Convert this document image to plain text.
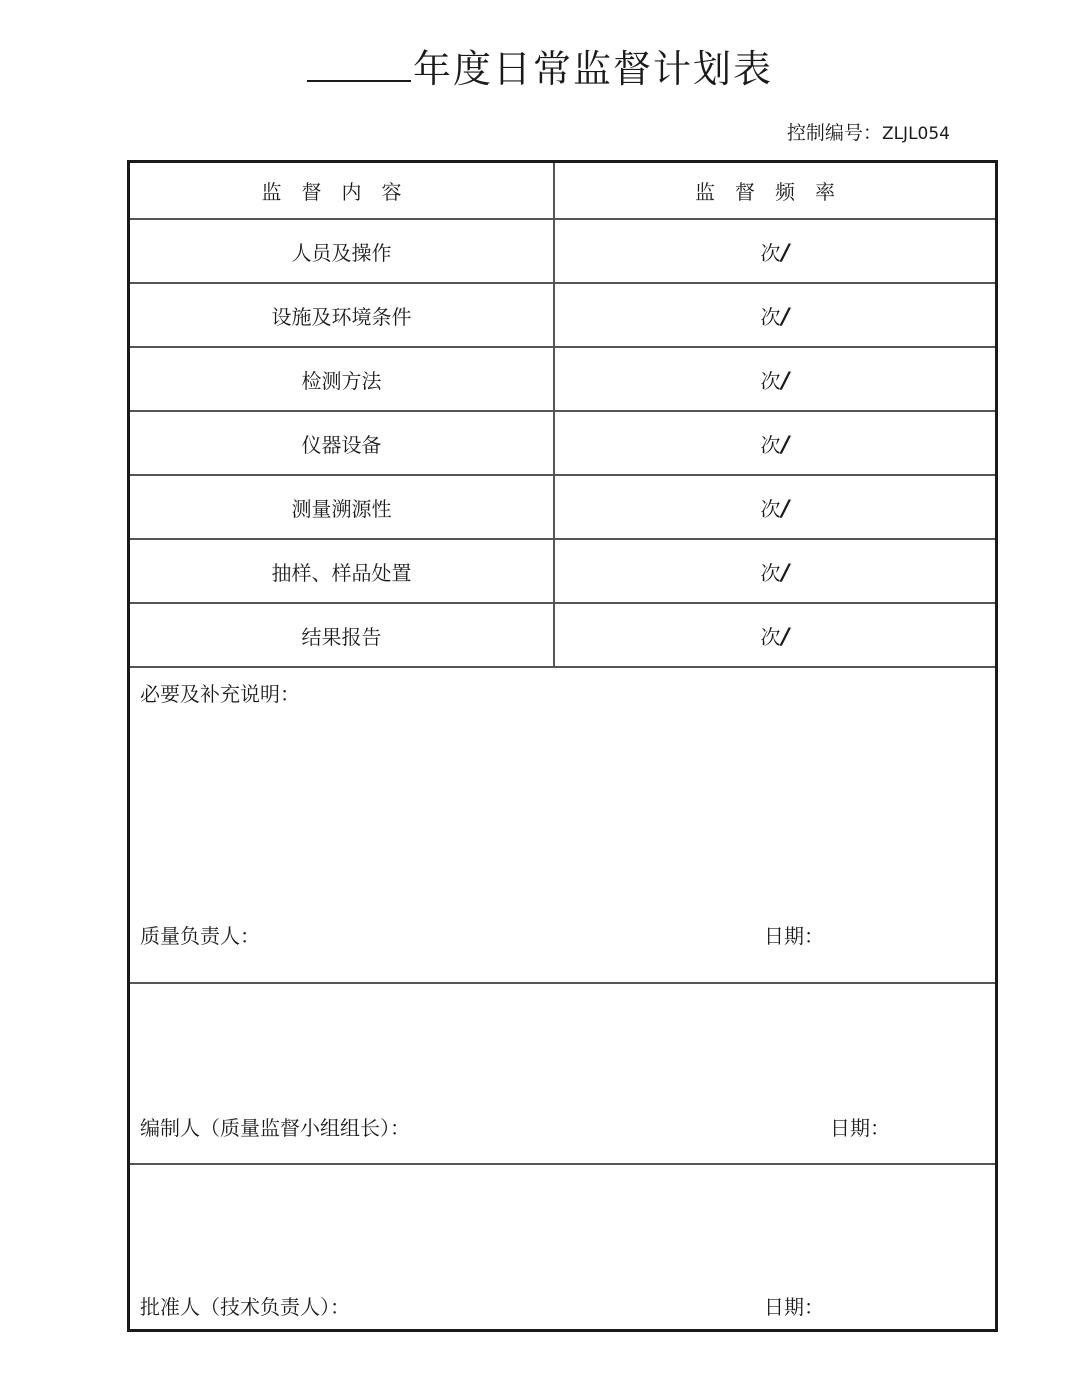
年度日常监督计划表
控制编号：ZLJL054
监督内容	监督频率
人员及操作	次/
设施及环境条件	次/
检测方法	次/
仪器设备	次/
测量溯源性	次/
抽样、样品处置	次/
结果报告	次/

必要及补充说明：
质量负责人： 日期：	

编制人（质量监督小组组长）： 日期：	

批准人（技术负责人）： 日期：	
